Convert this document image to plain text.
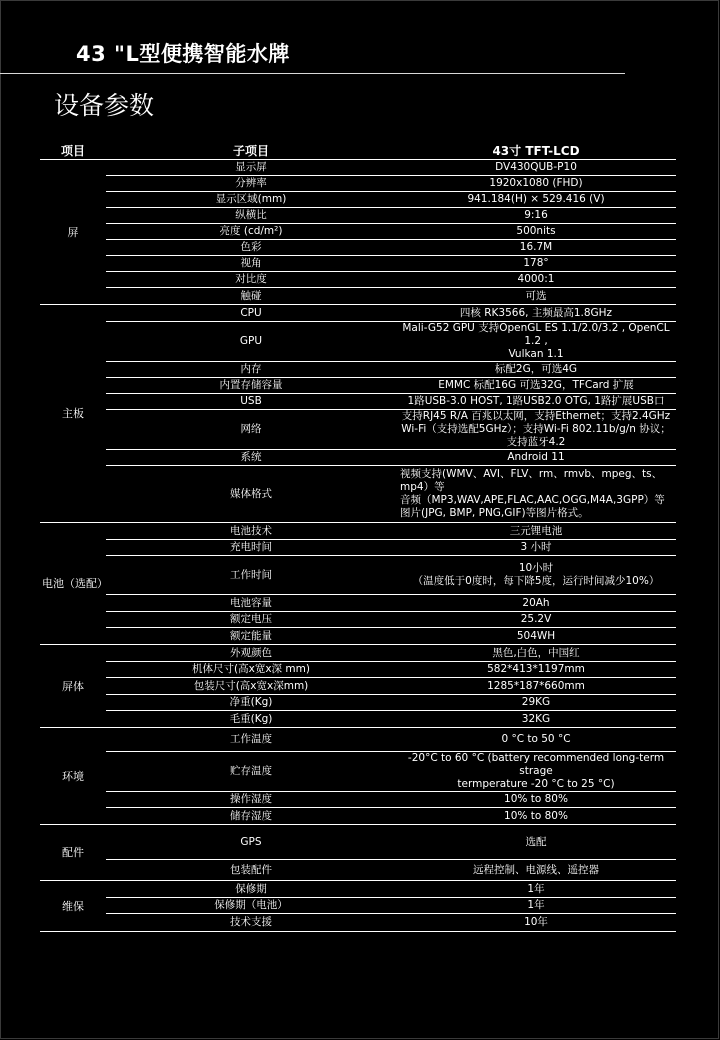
43 "L型便携智能水牌
设备参数
项目	子项目	43寸 TFT-LCD
屏	显示屏	DV430QUB-P10

	分辨率	1920x1080 (FHD)

	显示区域(mm)	941.184(H) × 529.416 (V)

	纵横比	9:16

	亮度 (cd/m²)	500nits

	色彩	16.7M

	视角	178°

	对比度	4000:1

	触碰	可选

主板	CPU	四核 RK3566, 主频最高1.8GHz

	GPU	Mali-G52 GPU 支持OpenGL ES 1.1/2.0/3.2 , OpenCL 1.2 ,
Vulkan 1.1

	内存	标配2G，可选4G

	内置存储容量	EMMC 标配16G 可选32G，TFCard 扩展

	USB	1路USB-3.0 HOST, 1路USB2.0 OTG, 1路扩展USB口

	网络	支持RJ45 R/A 百兆以太网，支持Ethernet；支持2.4GHz
Wi-Fi（支持选配5GHz）；支持Wi-Fi 802.11b/g/n 协议；
支持蓝牙4.2

	系统	Android 11

	媒体格式	视频支持(WMV、AVI、FLV、rm、rmvb、mpeg、ts、
mp4）等
音频（MP3,WAV,APE,FLAC,AAC,OGG,M4A,3GPP）等
图片(JPG, BMP, PNG,GIF)等图片格式。

电池（选配）	电池技术	三元锂电池

	充电时间	3 小时

	工作时间	10小时
（温度低于0度时，每下降5度，运行时间减少10%）

	电池容量	20Ah

	额定电压	25.2V

	额定能量	504WH

屏体	外观颜色	黑色,白色，中国红

	机体尺寸(高x宽x深 mm)	582*413*1197mm

	包装尺寸(高x宽x深mm)	1285*187*660mm

	净重(Kg)	29KG

	毛重(Kg)	32KG

环境	工作温度	0 °C to 50 °C

	贮存温度	-20°C to 60 °C (battery recommended long-term strage
termperature -20 °C to 25 °C)

	操作湿度	10% to 80%

	储存湿度	10% to 80%

配件	GPS	选配

	包装配件	远程控制、电源线、遥控器

维保	保修期	1年

	保修期（电池）	1年

	技术支援	10年
